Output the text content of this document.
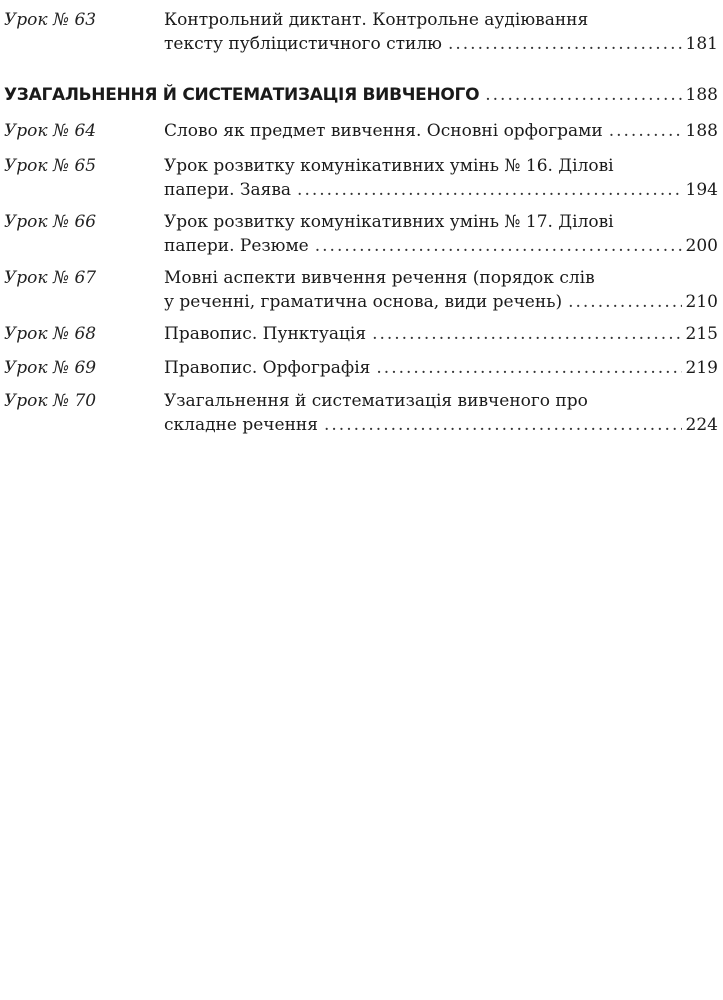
Урок № 63	Контрольний диктант. Контрольне аудіювання
тексту публіцистичного стилю .....	181
УЗАГАЛЬНЕННЯ Й СИСТЕМАТИЗАЦІЯ ВИВЧЕНОГО .....	188
Урок № 64	Слово як предмет вивчення. Основні орфограми .....	188
Урок № 65	Урок розвитку комунікативних умінь № 16. Ділові
папери. Заява .....	194
Урок № 66	Урок розвитку комунікативних умінь № 17. Ділові
папери. Резюме .....	200
Урок № 67	Мовні аспекти вивчення речення (порядок слів
у реченні, граматична основа, види речень) .....	210
Урок № 68	Правопис. Пунктуація .....	215
Урок № 69	Правопис. Орфографія .....	219
Урок № 70	Узагальнення й систематизація вивченого про
складне речення .....	224
